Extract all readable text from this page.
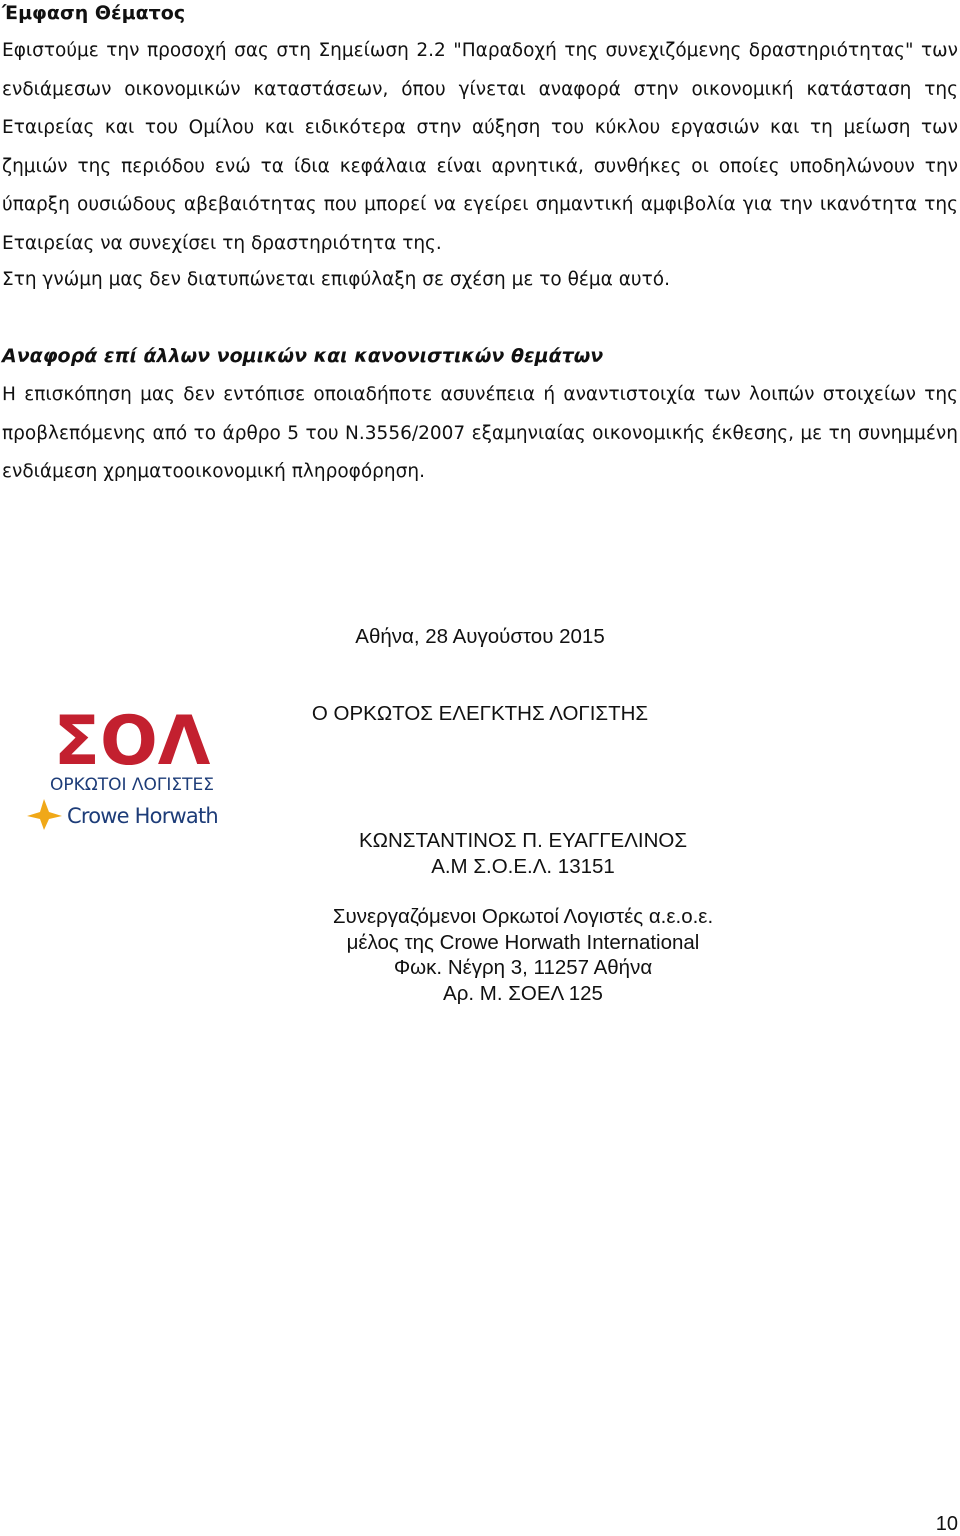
Έμφαση Θέματος

Εφιστούμε την προσοχή σας στη Σημείωση 2.2 "Παραδοχή της συνεχιζόμενης δραστηριότητας" των ενδιάμεσων οικονομικών καταστάσεων, όπου γίνεται αναφορά στην οικονομική κατάσταση της Εταιρείας και του Ομίλου και ειδικότερα στην αύξηση του κύκλου εργασιών και τη μείωση των ζημιών της περιόδου ενώ τα ίδια κεφάλαια είναι αρνητικά, συνθήκες οι οποίες υποδηλώνουν την ύπαρξη ουσιώδους αβεβαιότητας που μπορεί να εγείρει σημαντική αμφιβολία για την ικανότητα της Εταιρείας να συνεχίσει τη δραστηριότητα της.

Στη γνώμη μας δεν διατυπώνεται επιφύλαξη σε σχέση με το θέμα αυτό.

Αναφορά επί άλλων νομικών και κανονιστικών θεμάτων

Η επισκόπηση μας δεν εντόπισε οποιαδήποτε ασυνέπεια ή αναντιστοιχία των λοιπών στοιχείων της προβλεπόμενης από το άρθρο 5 του Ν.3556/2007 εξαμηνιαίας οικονομικής έκθεσης, με τη συνημμένη ενδιάμεση χρηματοοικονομική πληροφόρηση.

Αθήνα, 28 Αυγούστου 2015
Ο ΟΡΚΩΤΟΣ ΕΛΕΓΚΤΗΣ ΛΟΓΙΣΤΗΣ
ΣΟΛ
ΟΡΚΩΤΟΙ ΛΟΓΙΣΤΕΣ
Crowe Horwath
ΚΩΝΣΤΑΝΤΙΝΟΣ Π. ΕΥΑΓΓΕΛΙΝΟΣ
Α.Μ Σ.Ο.Ε.Λ. 13151
Συνεργαζόμενοι Ορκωτοί Λογιστές α.ε.ο.ε.
μέλος της Crowe Horwath International
Φωκ. Νέγρη 3, 11257 Αθήνα
Αρ. Μ. ΣΟΕΛ 125
10
